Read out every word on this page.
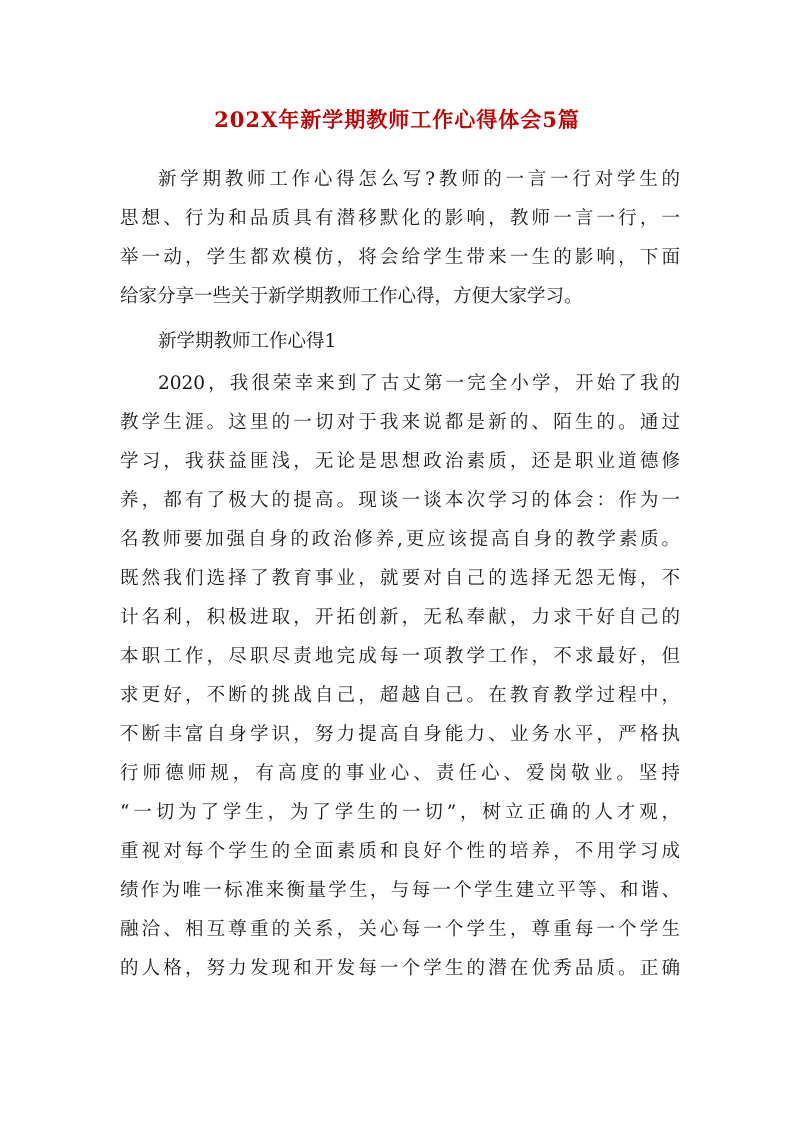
202X年新学期教师工作心得体会5篇
新学期教师工作心得怎么写?教师的一言一行对学生的
思想、行为和品质具有潜移默化的影响，教师一言一行，一
举一动，学生都欢模仿，将会给学生带来一生的影响，下面
给家分享一些关于新学期教师工作心得，方便大家学习。
新学期教师工作心得1
2020，我很荣幸来到了古丈第一完全小学，开始了我的
教学生涯。这里的一切对于我来说都是新的、陌生的。通过
学习，我获益匪浅，无论是思想政治素质，还是职业道德修
养，都有了极大的提高。现谈一谈本次学习的体会：作为一
名教师要加强自身的政治修养,更应该提高自身的教学素质。
既然我们选择了教育事业，就要对自己的选择无怨无悔，不
计名利，积极进取，开拓创新，无私奉献，力求干好自己的
本职工作，尽职尽责地完成每一项教学工作，不求最好，但
求更好，不断的挑战自己，超越自己。在教育教学过程中，
不断丰富自身学识，努力提高自身能力、业务水平，严格执
行师德师规，有高度的事业心、责任心、爱岗敬业。坚持
“一切为了学生，为了学生的一切”，树立正确的人才观，
重视对每个学生的全面素质和良好个性的培养，不用学习成
绩作为唯一标准来衡量学生，与每一个学生建立平等、和谐、
融洽、相互尊重的关系，关心每一个学生，尊重每一个学生
的人格，努力发现和开发每一个学生的潜在优秀品质。正确
